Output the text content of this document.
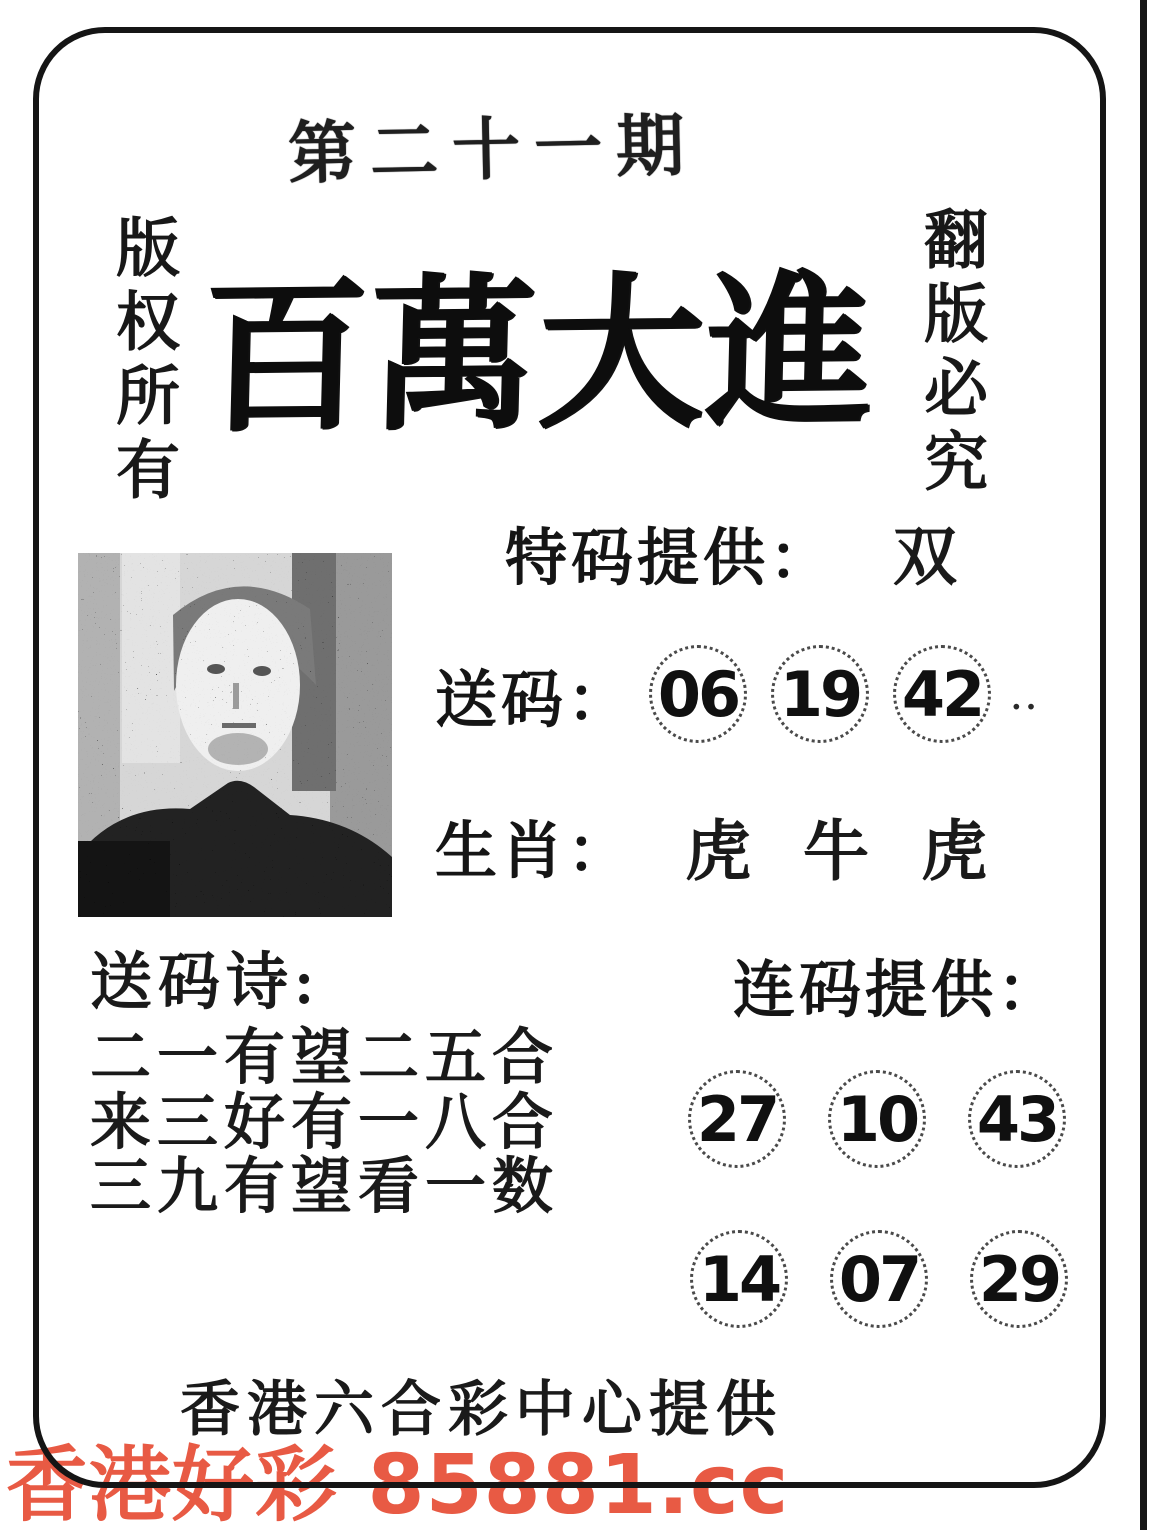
第二十一期
版权所有 百萬大進 翻版必究
特码提供： 双
送码： 06 19 42 ‥
生肖： 虎 牛 虎
送码诗:
二一有望二五合
来三好有一八合
三九有望看一数
连码提供：
27 10 43
14 07 29
香港六合彩中心提供
香港好彩 85881.cc
